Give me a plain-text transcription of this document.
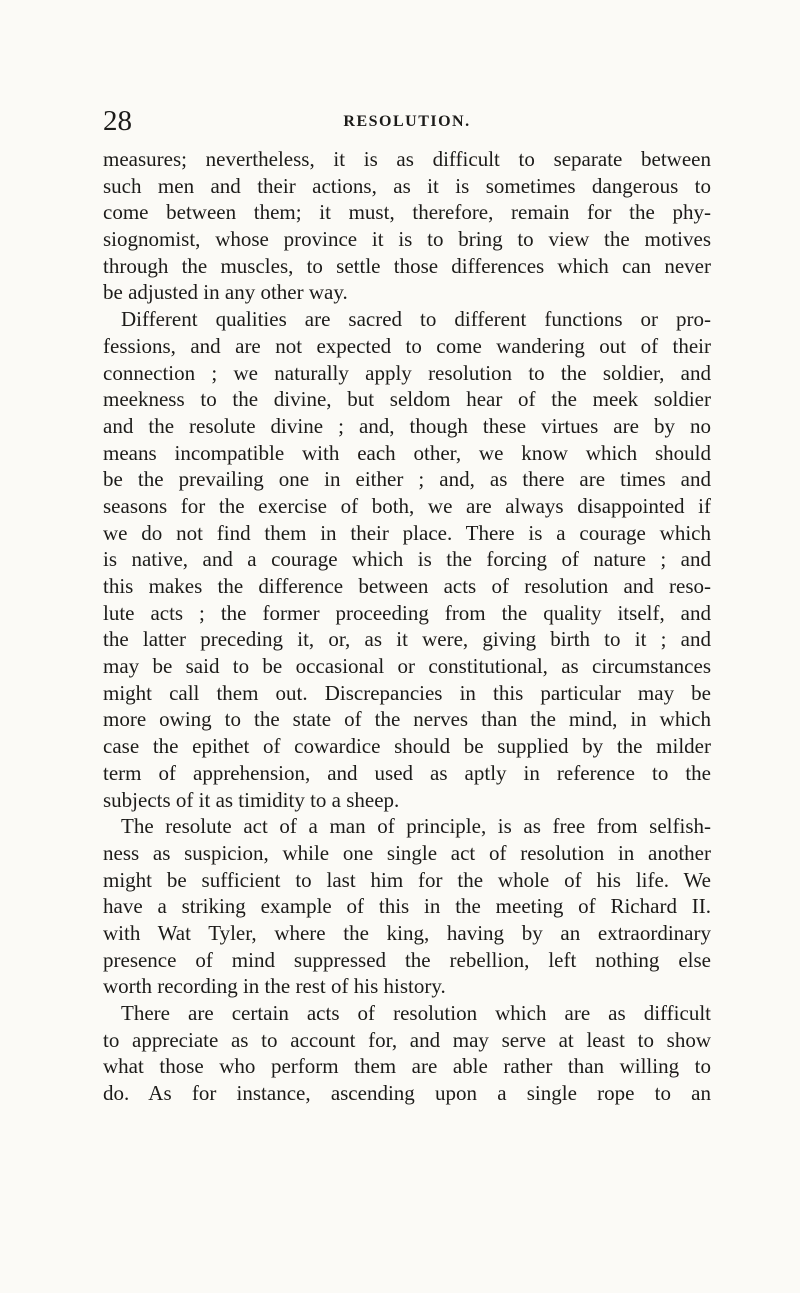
28	RESOLUTION.
measures; nevertheless, it is as difficult to separate between
such men and their actions, as it is sometimes dangerous to
come between them; it must, therefore, remain for the phy-
siognomist, whose province it is to bring to view the motives
through the muscles, to settle those differences which can never
be adjusted in any other way.
Different qualities are sacred to different functions or pro-
fessions, and are not expected to come wandering out of their
connection ; we naturally apply resolution to the soldier, and
meekness to the divine, but seldom hear of the meek soldier
and the resolute divine ; and, though these virtues are by no
means incompatible with each other, we know which should
be the prevailing one in either ; and, as there are times and
seasons for the exercise of both, we are always disappointed if
we do not find them in their place. There is a courage which
is native, and a courage which is the forcing of nature ; and
this makes the difference between acts of resolution and reso-
lute acts ; the former proceeding from the quality itself, and
the latter preceding it, or, as it were, giving birth to it ; and
may be said to be occasional or constitutional, as circumstances
might call them out. Discrepancies in this particular may be
more owing to the state of the nerves than the mind, in which
case the epithet of cowardice should be supplied by the milder
term of apprehension, and used as aptly in reference to the
subjects of it as timidity to a sheep.
The resolute act of a man of principle, is as free from selfish-
ness as suspicion, while one single act of resolution in another
might be sufficient to last him for the whole of his life. We
have a striking example of this in the meeting of Richard II.
with Wat Tyler, where the king, having by an extraordinary
presence of mind suppressed the rebellion, left nothing else
worth recording in the rest of his history.
There are certain acts of resolution which are as difficult
to appreciate as to account for, and may serve at least to show
what those who perform them are able rather than willing to
do. As for instance, ascending upon a single rope to an
